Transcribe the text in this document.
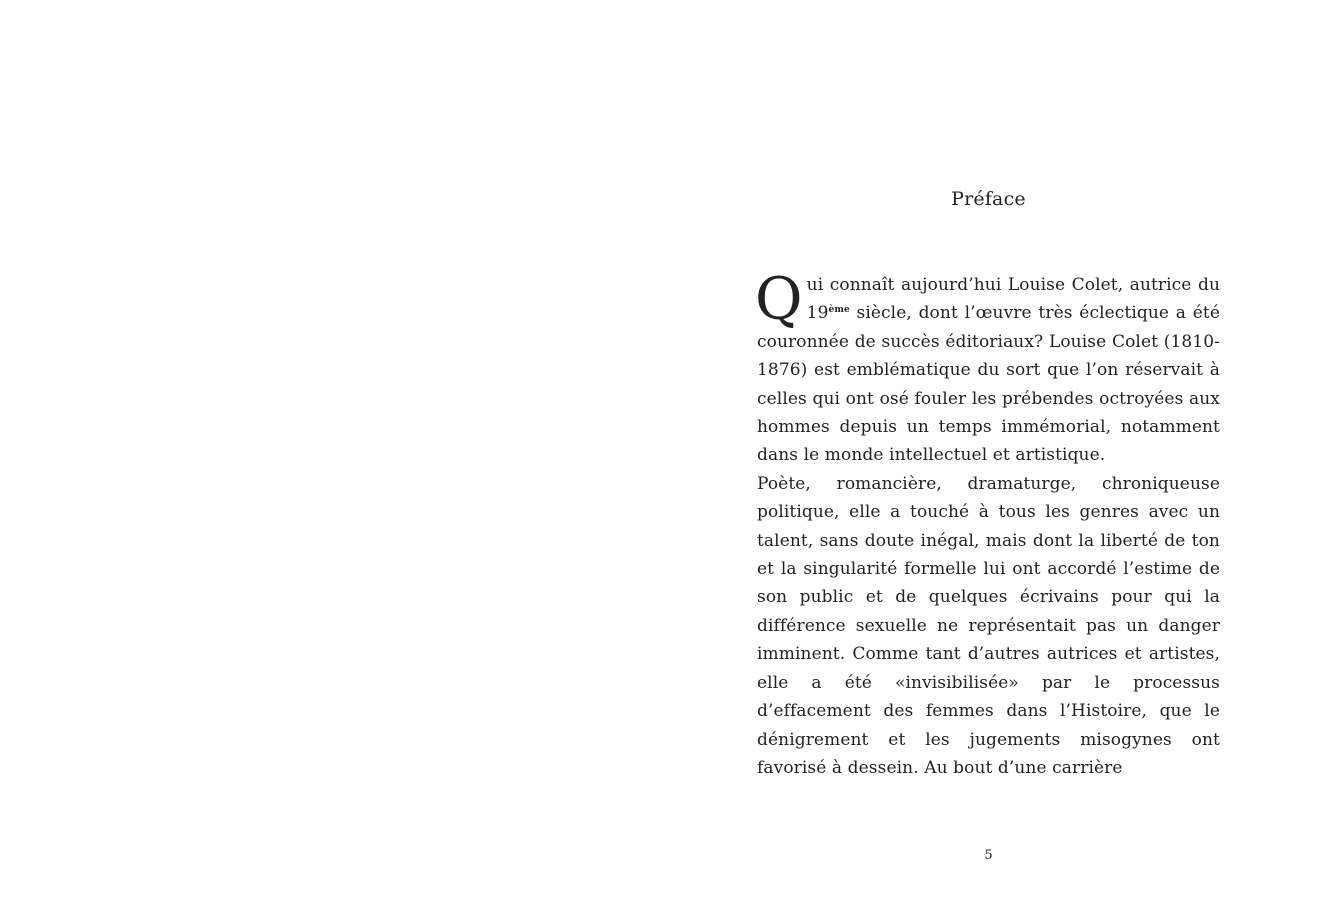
Préface

Qui connaît aujourd’hui Louise Colet, autrice du 19ème siècle, dont l’œuvre très éclectique a été couronnée de succès éditoriaux? Louise Colet (1810-1876) est emblématique du sort que l’on réservait à celles qui ont osé fouler les prébendes octroyées aux hommes depuis un temps immémorial, notamment dans le monde intellectuel et artistique.

Poète, romancière, dramaturge, chroniqueuse politique, elle a touché à tous les genres avec un talent, sans doute inégal, mais dont la liberté de ton et la singularité formelle lui ont accordé l’estime de son public et de quelques écrivains pour qui la différence sexuelle ne représentait pas un danger imminent. Comme tant d’autres autrices et artistes, elle a été «invisibilisée» par le processus d’effacement des femmes dans l’Histoire, que le dénigrement et les jugements misogynes ont favorisé à dessein. Au bout d’une carrière

5
